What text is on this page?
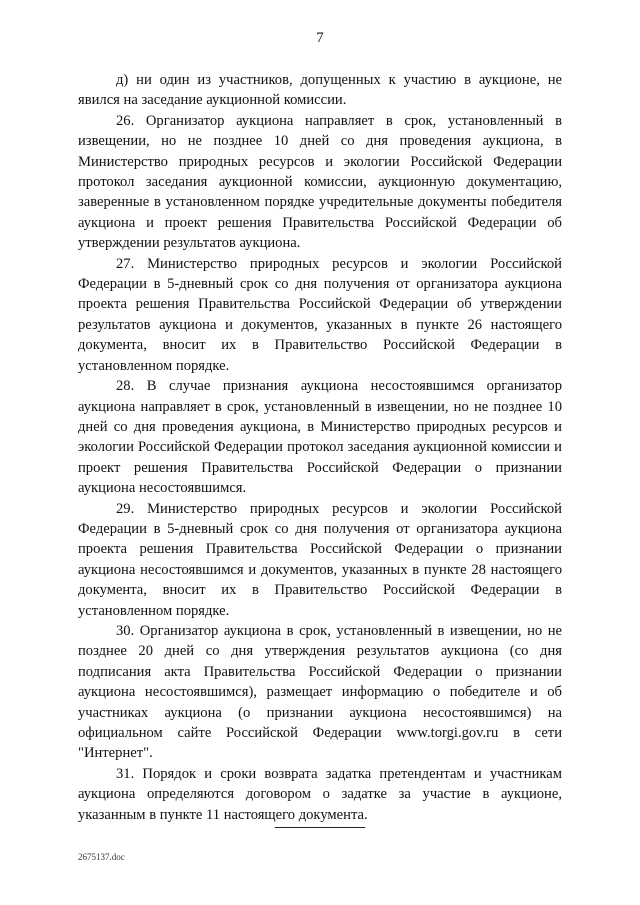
7

д) ни один из участников, допущенных к участию в аукционе, не явился на заседание аукционной комиссии.

26. Организатор аукциона направляет в срок, установленный в извещении, но не позднее 10 дней со дня проведения аукциона, в Министерство природных ресурсов и экологии Российской Федерации протокол заседания аукционной комиссии, аукционную документацию, заверенные в установленном порядке учредительные документы победителя аукциона и проект решения Правительства Российской Федерации об утверждении результатов аукциона.

27. Министерство природных ресурсов и экологии Российской Федерации в 5-дневный срок со дня получения от организатора аукциона проекта решения Правительства Российской Федерации об утверждении результатов аукциона и документов, указанных в пункте 26 настоящего документа, вносит их в Правительство Российской Федерации в установленном порядке.

28. В случае признания аукциона несостоявшимся организатор аукциона направляет в срок, установленный в извещении, но не позднее 10 дней со дня проведения аукциона, в Министерство природных ресурсов и экологии Российской Федерации протокол заседания аукционной комиссии и проект решения Правительства Российской Федерации о признании аукциона несостоявшимся.

29. Министерство природных ресурсов и экологии Российской Федерации в 5-дневный срок со дня получения от организатора аукциона проекта решения Правительства Российской Федерации о признании аукциона несостоявшимся и документов, указанных в пункте 28 настоящего документа, вносит их в Правительство Российской Федерации в установленном порядке.

30. Организатор аукциона в срок, установленный в извещении, но не позднее 20 дней со дня утверждения результатов аукциона (со дня подписания акта Правительства Российской Федерации о признании аукциона несостоявшимся), размещает информацию о победителе и об участниках аукциона (о признании аукциона несостоявшимся) на официальном сайте Российской Федерации www.torgi.gov.ru в сети "Интернет".

31. Порядок и сроки возврата задатка претендентам и участникам аукциона определяются договором о задатке за участие в аукционе, указанным в пункте 11 настоящего документа.

2675137.doc
